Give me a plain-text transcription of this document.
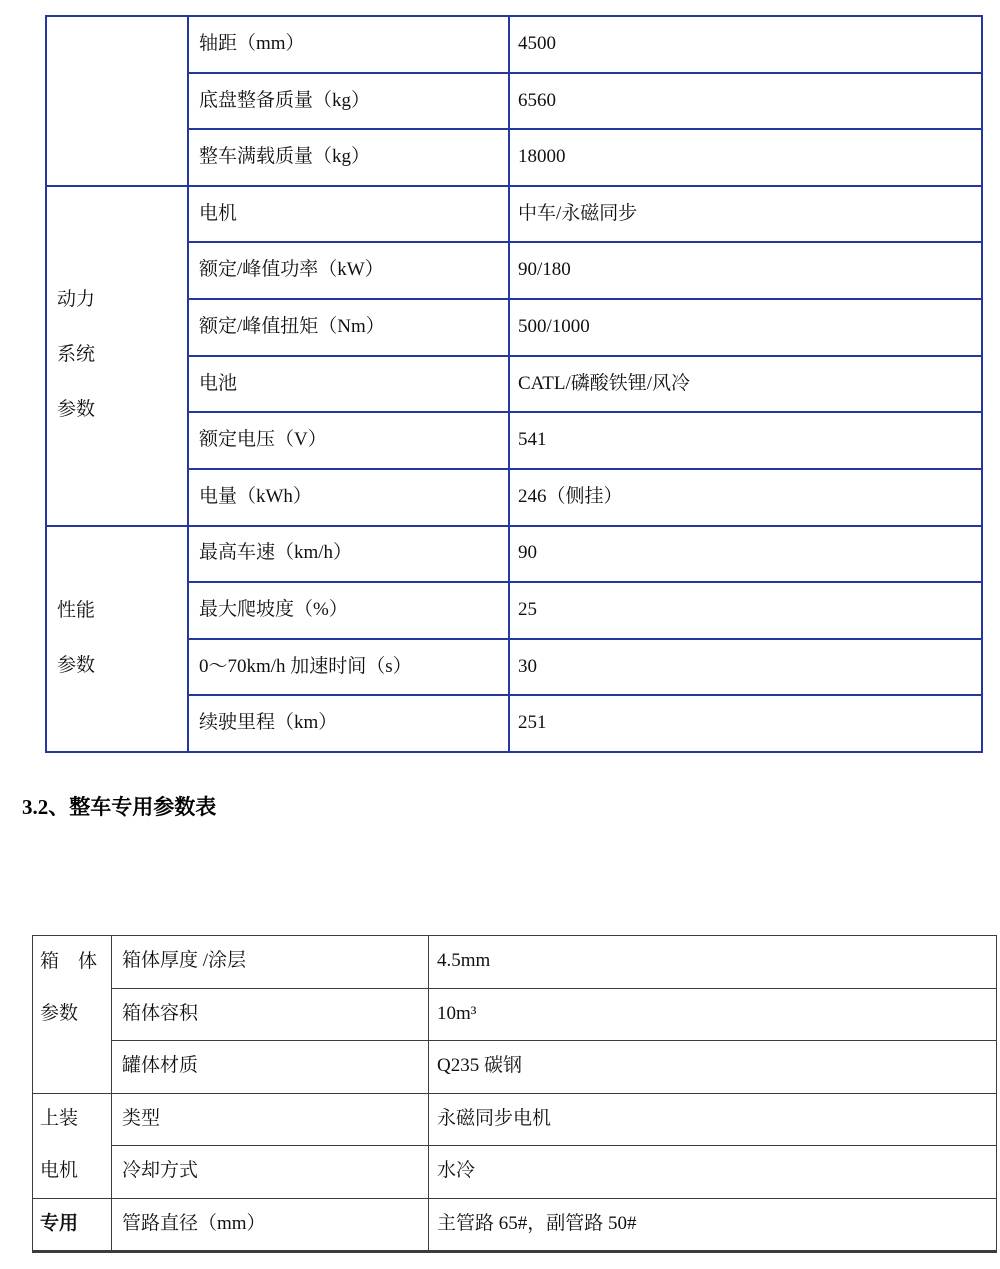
轴距（mm）	4500
底盘整备质量（kg）	6560
整车满载质量（kg）	18000
动力
系统
参数
电机	中车/永磁同步
额定/峰值功率（kW）	90/180
额定/峰值扭矩（Nm）	500/1000
电池	CATL/磷酸铁锂/风冷
额定电压（V）	541
电量（kWh）	246（侧挂）
性能
参数
最高车速（km/h）	90
最大爬坡度（%）	25
0～70km/h 加速时间（s）	30
续驶里程（km）	251
3.2、整车专用参数表
箱　体
参数
箱体厚度 /涂层	4.5mm
箱体容积	10m³
罐体材质	Q235 碳钢
上装
电机
类型	永磁同步电机
冷却方式	水冷
专用	管路直径（mm）	主管路 65#，副管路 50#
